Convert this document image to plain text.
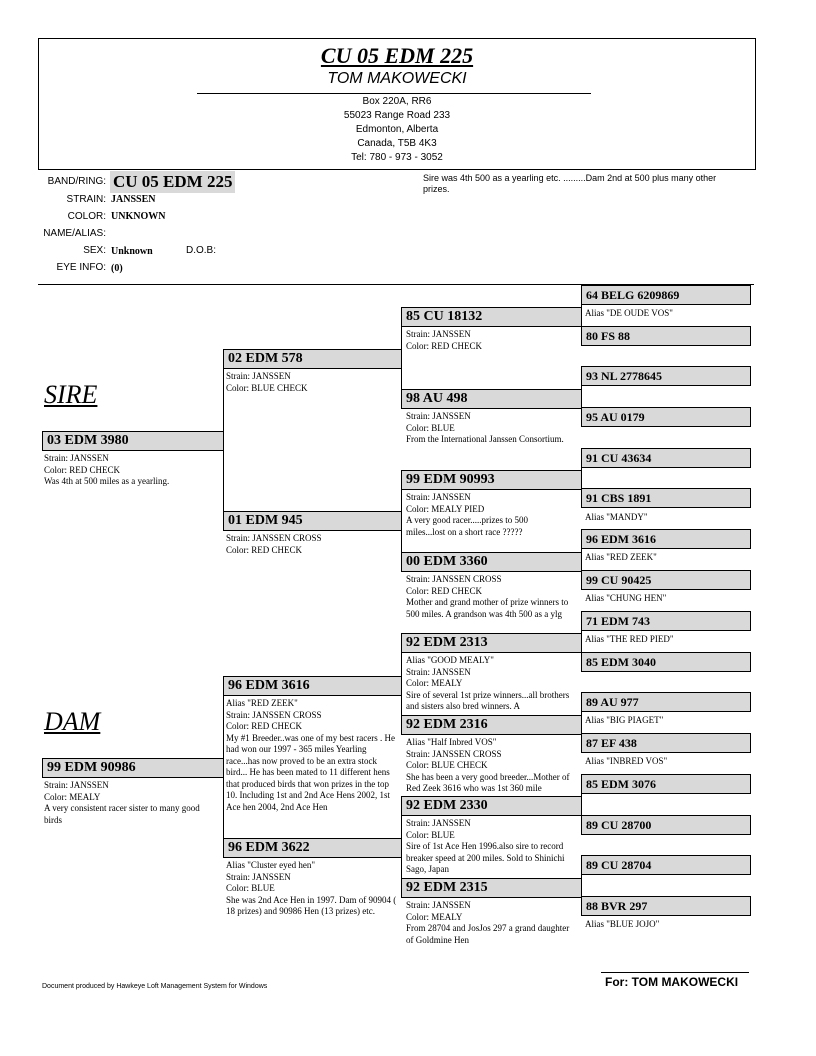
CU 05 EDM 225
TOM MAKOWECKI
Box 220A, RR6
55023 Range Road 233
Edmonton, Alberta
Canada, T5B 4K3
Tel: 780 - 973 - 3052
BAND/RING: CU 05 EDM 225
STRAIN: JANSSEN
COLOR: UNKNOWN
NAME/ALIAS:
SEX: Unknown	D.O.B:
EYE INFO: (0)
Sire was 4th 500 as a yearling etc. .........Dam 2nd at 500 plus many other prizes.
SIRE
DAM
03 EDM 3980
Strain: JANSSEN
Color: RED CHECK
Was 4th at 500 miles as a yearling.
99 EDM 90986
Strain: JANSSEN
Color: MEALY
A very consistent racer sister to many good birds
02 EDM 578
Strain: JANSSEN
Color: BLUE CHECK
01 EDM 945
Strain: JANSSEN CROSS
Color: RED CHECK
96 EDM 3616
Alias "RED ZEEK"
Strain: JANSSEN CROSS
Color: RED CHECK
My #1 Breeder..was one of my best racers . He had won our 1997 - 365 miles Yearling race...has now proved to be an extra stock bird... He has been mated to 11 different hens that produced birds that won prizes in the top 10. Including 1st and 2nd Ace Hens 2002, 1st Ace hen 2004, 2nd Ace Hen
96 EDM 3622
Alias "Cluster eyed hen"
Strain: JANSSEN
Color: BLUE
She was 2nd Ace Hen in 1997. Dam of 90904 ( 18 prizes) and 90986 Hen (13 prizes) etc.
85 CU 18132
Strain: JANSSEN
Color: RED CHECK
98 AU 498
Strain: JANSSEN
Color: BLUE
From the International Janssen Consortium.
99 EDM 90993
Strain: JANSSEN
Color: MEALY PIED
A very good racer.....prizes to 500 miles...lost on a short race ?????
00 EDM 3360
Strain: JANSSEN CROSS
Color: RED CHECK
Mother and grand mother of prize winners to 500 miles. A grandson was 4th 500 as a ylg
92 EDM 2313
Alias "GOOD MEALY"
Strain: JANSSEN
Color: MEALY
Sire of several 1st prize winners...all brothers and sisters also bred winners. A
92 EDM 2316
Alias "Half Inbred VOS"
Strain: JANSSEN CROSS
Color: BLUE CHECK
She has been a very good breeder...Mother of Red Zeek 3616 who was 1st 360 mile
92 EDM 2330
Strain: JANSSEN
Color: BLUE
Sire of 1st Ace Hen 1996.also sire to record breaker speed at 200 miles. Sold to Shinichi Sago, Japan
92 EDM 2315
Strain: JANSSEN
Color: MEALY
From 28704 and JosJos 297 a grand daughter of Goldmine Hen
64 BELG 6209869
Alias "DE OUDE VOS"
80 FS 88
93 NL 2778645
95 AU 0179
91 CU 43634
91 CBS 1891
Alias "MANDY"
96 EDM 3616
Alias "RED ZEEK"
99 CU 90425
Alias "CHUNG HEN"
71 EDM 743
Alias "THE RED PIED"
85 EDM 3040
89 AU 977
Alias "BIG PIAGET"
87 EF 438
Alias "INBRED VOS"
85 EDM 3076
89 CU 28700
89 CU 28704
88 BVR 297
Alias "BLUE JOJO"
Document produced by Hawkeye Loft Management System for Windows	For: TOM MAKOWECKI
